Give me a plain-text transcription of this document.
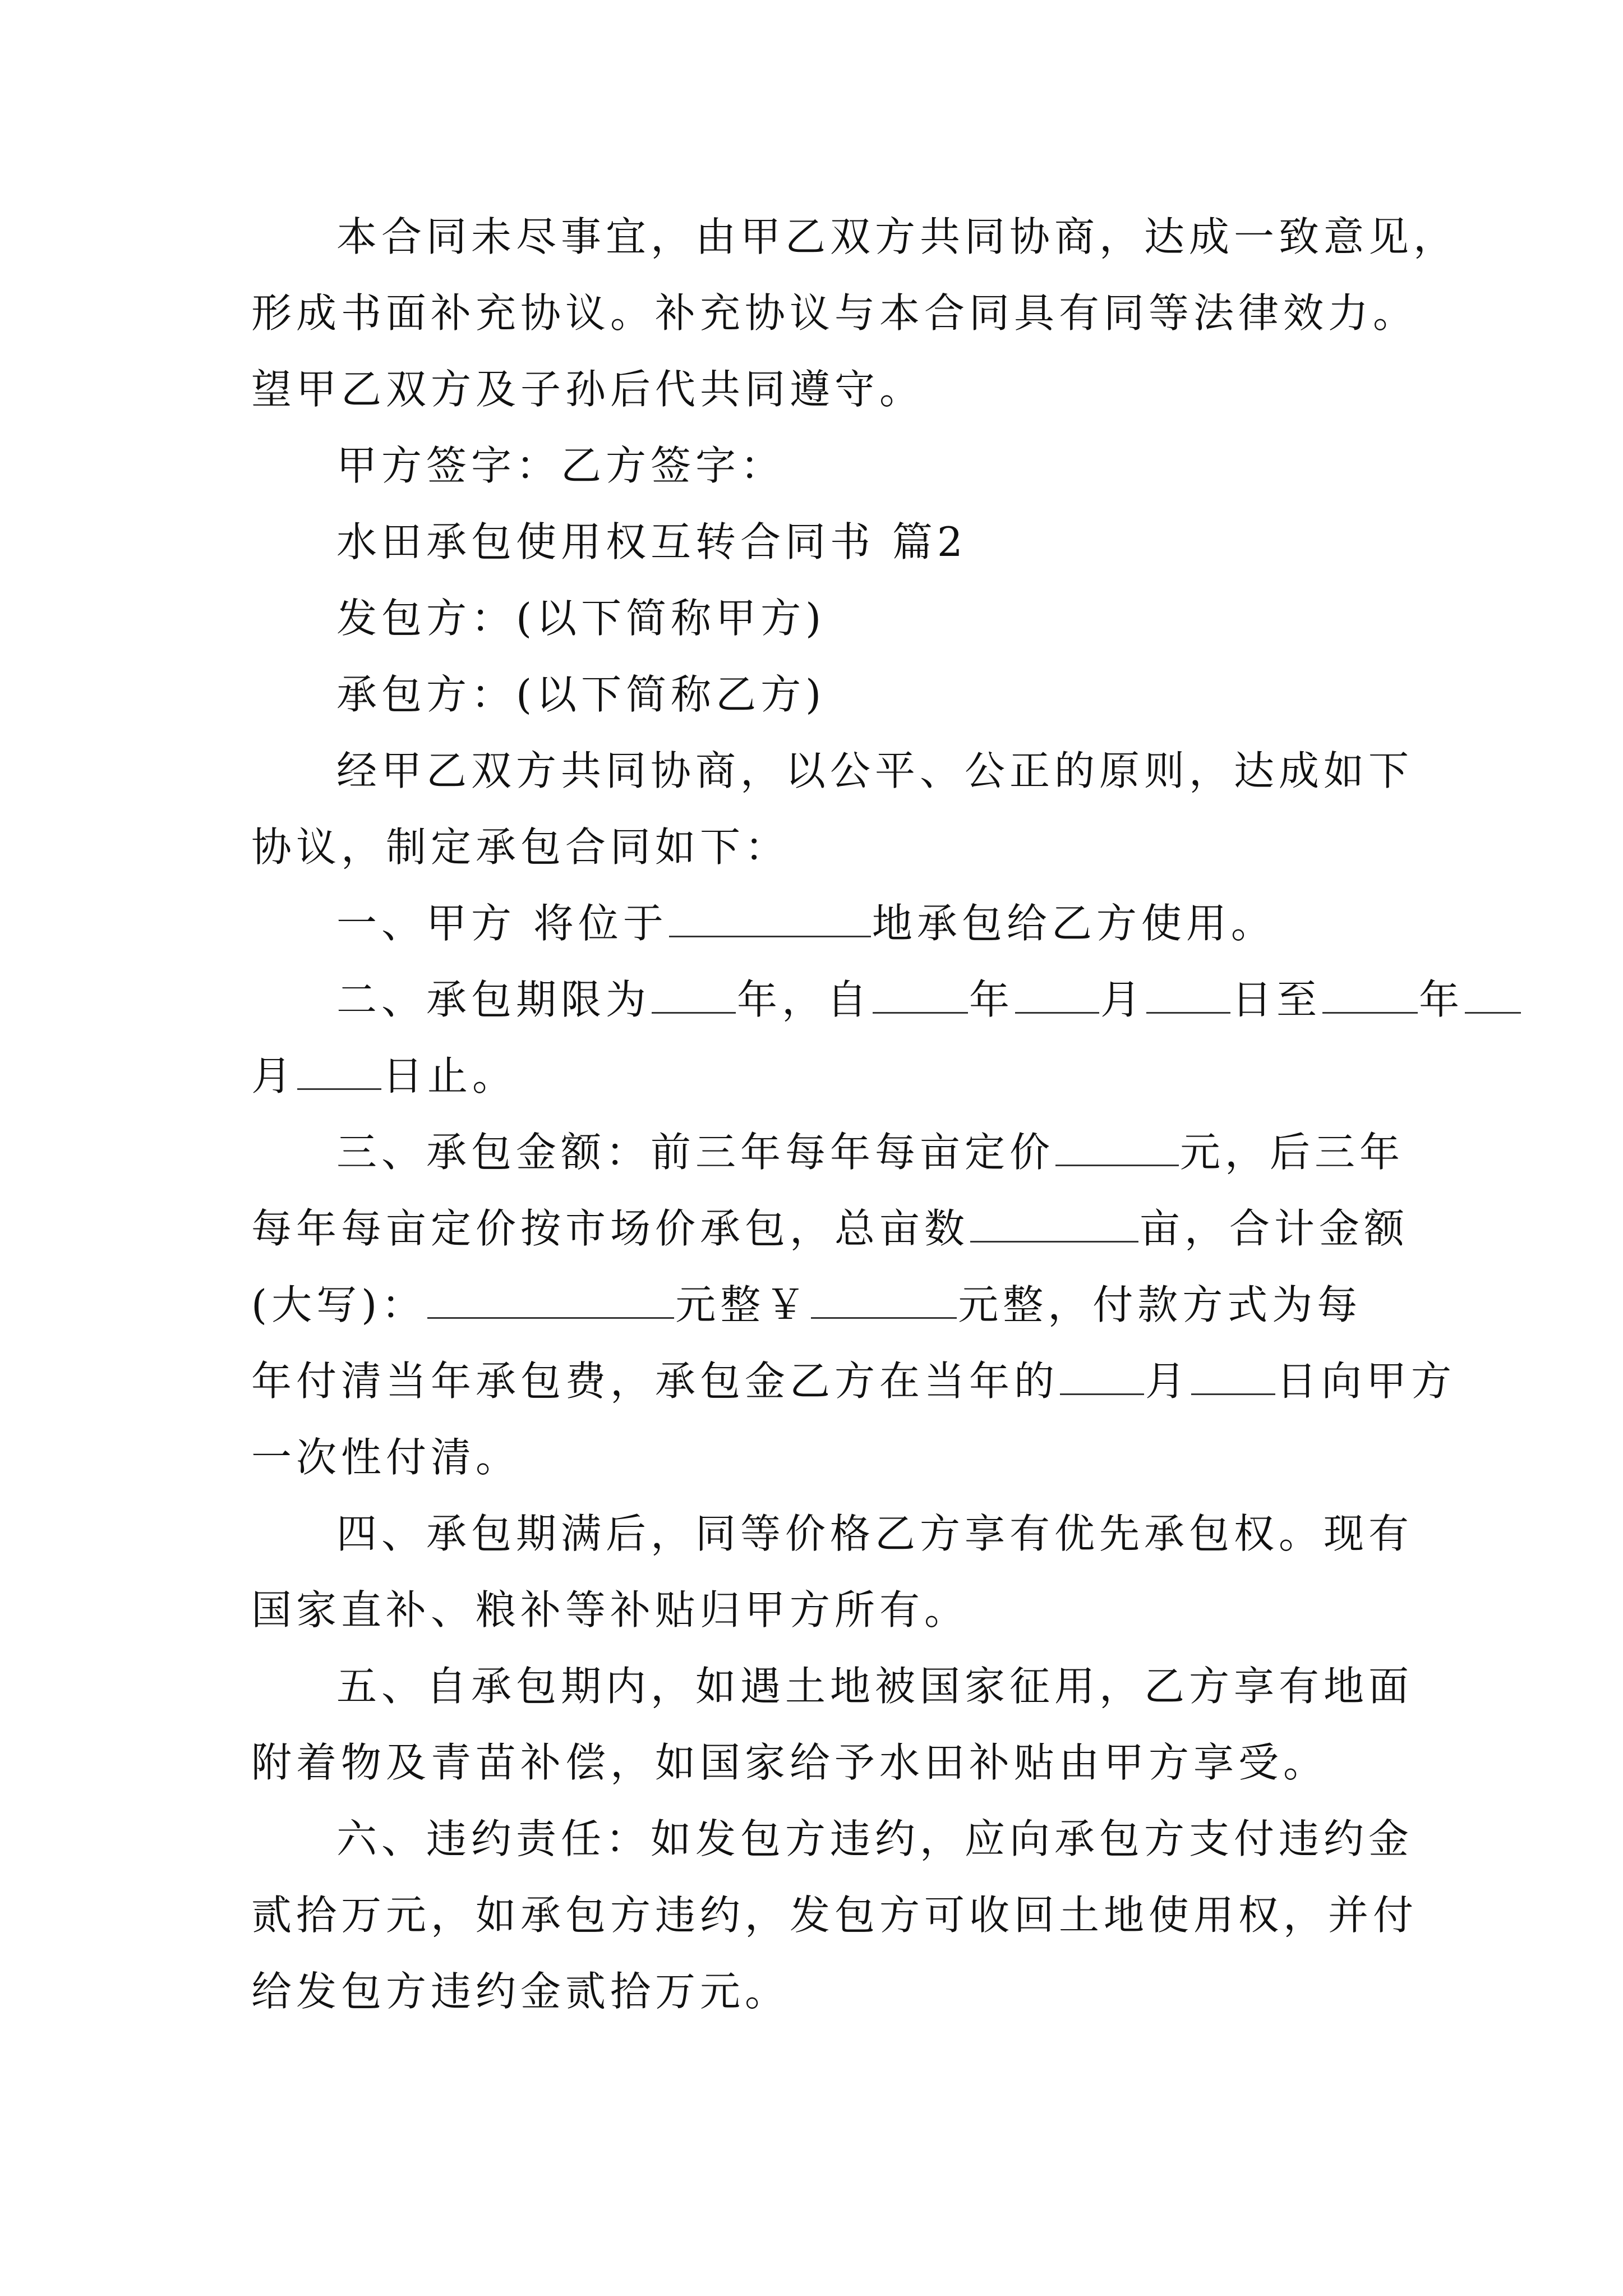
本合同未尽事宜，由甲乙双方共同协商，达成一致意见，
形成书面补充协议。补充协议与本合同具有同等法律效力。
望甲乙双方及子孙后代共同遵守。
甲方签字：乙方签字：
水田承包使用权互转合同书 篇2
发包方：(以下简称甲方)
承包方：(以下简称乙方)
经甲乙双方共同协商，以公平、公正的原则，达成如下
协议，制定承包合同如下：
一、甲方 将位于	地承包给乙方使用。
二、承包期限为 年，自 年 月 日至 年
月 日止。
三、承包金额：前三年每年每亩定价	元，后三年
每年每亩定价按市场价承包，总亩数	亩，合计金额
(大写)：	元整￥	元整，付款方式为每
年付清当年承包费，承包金乙方在当年的 月 日向甲方
一次性付清。
四、承包期满后，同等价格乙方享有优先承包权。现有
国家直补、粮补等补贴归甲方所有。
五、自承包期内，如遇土地被国家征用，乙方享有地面
附着物及青苗补偿，如国家给予水田补贴由甲方享受。
六、违约责任：如发包方违约，应向承包方支付违约金
贰拾万元，如承包方违约，发包方可收回土地使用权，并付
给发包方违约金贰拾万元。
